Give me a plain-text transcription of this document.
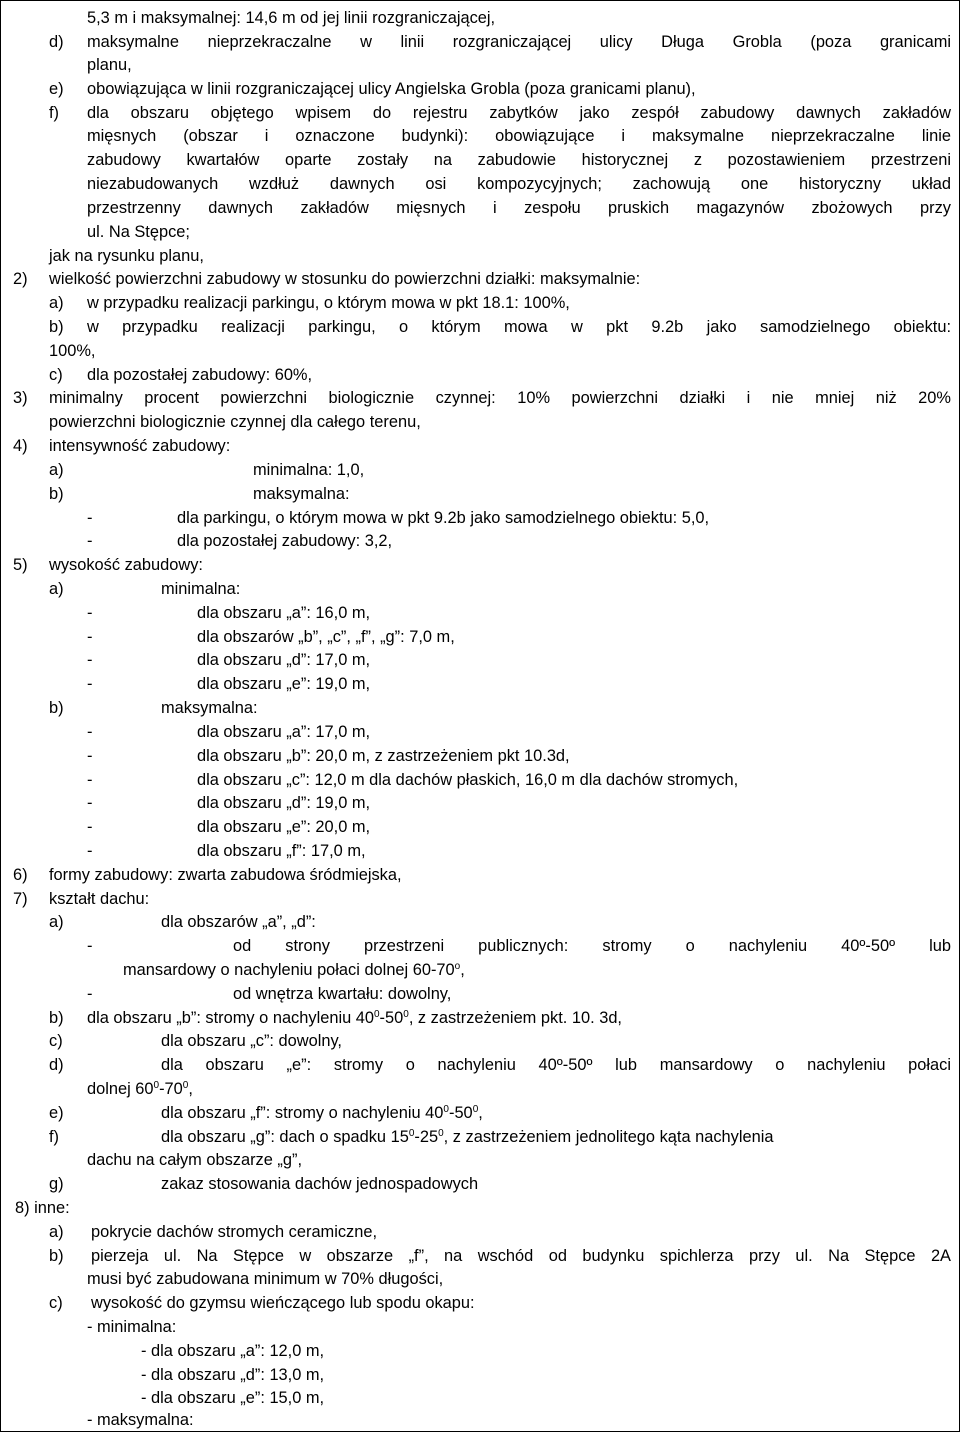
5,3 m i maksymalnej: 14,6 m od jej linii rozgraniczającej,
d) maksymalne nieprzekraczalne w linii rozgraniczającej ulicy Długa Grobla (poza granicami
planu,
e) obowiązująca w linii rozgraniczającej ulicy Angielska Grobla (poza granicami planu),
f) dla obszaru objętego wpisem do rejestru zabytków jako zespół zabudowy dawnych zakładów
mięsnych (obszar i oznaczone budynki): obowiązujące i maksymalne nieprzekraczalne linie
zabudowy kwartałów oparte zostały na zabudowie historycznej z pozostawieniem przestrzeni
niezabudowanych wzdłuż dawnych osi kompozycyjnych; zachowują one historyczny układ
przestrzenny dawnych zakładów mięsnych i zespołu pruskich magazynów zbożowych przy
ul. Na Stępce;
jak na rysunku planu,
2) wielkość powierzchni zabudowy w stosunku do powierzchni działki: maksymalnie:
a) w przypadku realizacji parkingu, o którym mowa w pkt 18.1: 100%,
b) w przypadku realizacji parkingu, o którym mowa w pkt 9.2b jako samodzielnego obiektu:
100%,
c) dla pozostałej zabudowy: 60%,
3) minimalny procent powierzchni biologicznie czynnej: 10% powierzchni działki i nie mniej niż 20%
powierzchni biologicznie czynnej dla całego terenu,
4) intensywność zabudowy:
a)	minimalna: 1,0,
b)	maksymalna:
-	dla parkingu, o którym mowa w pkt 9.2b jako samodzielnego obiektu: 5,0,
-	dla pozostałej zabudowy: 3,2,
5) wysokość zabudowy:
a)	minimalna:
-	dla obszaru „a”: 16,0 m,
-	dla obszarów „b”, „c”, „f”, „g”: 7,0 m,
-	dla obszaru „d”: 17,0 m,
-	dla obszaru „e”: 19,0 m,
b)	maksymalna:
-	dla obszaru „a”: 17,0 m,
-	dla obszaru „b”: 20,0 m, z zastrzeżeniem pkt 10.3d,
-	dla obszaru „c”: 12,0 m dla dachów płaskich, 16,0 m dla dachów stromych,
-	dla obszaru „d”: 19,0 m,
-	dla obszaru „e”: 20,0 m,
-	dla obszaru „f”: 17,0 m,
6) formy zabudowy: zwarta zabudowa śródmiejska,
7) kształt dachu:
a)	dla obszarów „a”, „d”:
-	od strony przestrzeni publicznych: stromy o nachyleniu 40º-50º lub
mansardowy o nachyleniu połaci dolnej 60-70$^o$,
-	od wnętrza kwartału: dowolny,
b) dla obszaru „b”: stromy o nachyleniu $40^0-50^0$, z zastrzeżeniem pkt. 10. 3d,
c)	dla obszaru „c”: dowolny,
d)	dla obszaru „e”: stromy o nachyleniu 40º-50º lub mansardowy o nachyleniu połaci
dolnej $60^0-70^0$,
e)	dla obszaru „f”: stromy o nachyleniu $40^0-50^0$,
f)	dla obszaru „g”: dach o spadku $15^0-25^0$, z zastrzeżeniem jednolitego kąta nachylenia
dachu na całym obszarze „g”,
g)	zakaz stosowania dachów jednospadowych
8) inne:
a) pokrycie dachów stromych ceramiczne,
b) pierzeja ul. Na Stępce w obszarze „f”, na wschód od budynku spichlerza przy ul. Na Stępce 2A
musi być zabudowana minimum w 70% długości,
c) wysokość do gzymsu wieńczącego lub spodu okapu:
- minimalna:
- dla obszaru „a”: 12,0 m,
- dla obszaru „d”: 13,0 m,
- dla obszaru „e”: 15,0 m,
- maksymalna:
